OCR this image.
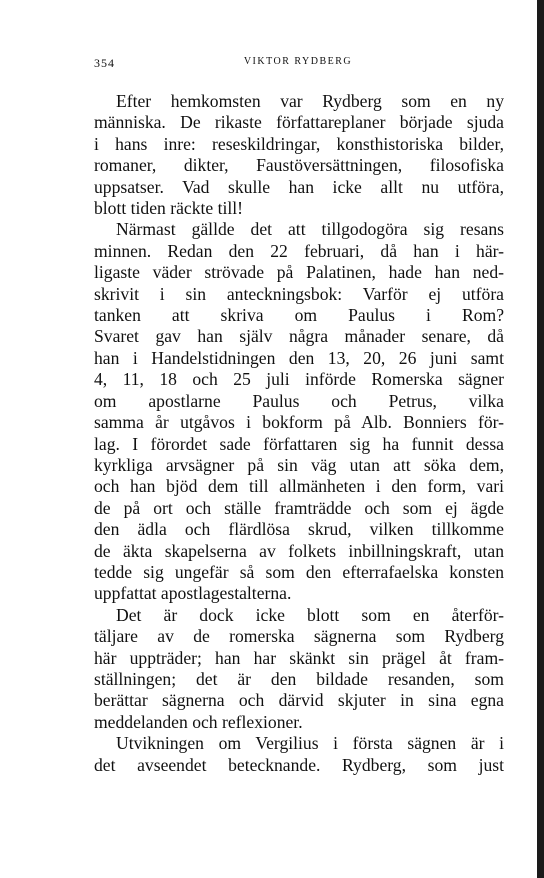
354	VIKTOR RYDBERG
Efter hemkomsten var Rydberg som en ny
människa. De rikaste författareplaner började sjuda
i hans inre: reseskildringar, konsthistoriska bilder,
romaner, dikter, Faustöversättningen, filosofiska
uppsatser. Vad skulle han icke allt nu utföra,
blott tiden räckte till!
Närmast gällde det att tillgodogöra sig resans
minnen. Redan den 22 februari, då han i här-
ligaste väder strövade på Palatinen, hade han ned-
skrivit i sin anteckningsbok: Varför ej utföra
tanken att skriva om Paulus i Rom?
Svaret gav han själv några månader senare, då
han i Handelstidningen den 13, 20, 26 juni samt
4, 11, 18 och 25 juli införde Romerska sägner
om apostlarne Paulus och Petrus, vilka
samma år utgåvos i bokform på Alb. Bonniers för-
lag. I förordet sade författaren sig ha funnit dessa
kyrkliga arvsägner på sin väg utan att söka dem,
och han bjöd dem till allmänheten i den form, vari
de på ort och ställe framträdde och som ej ägde
den ädla och flärdlösa skrud, vilken tillkomme
de äkta skapelserna av folkets inbillningskraft, utan
tedde sig ungefär så som den efterrafaelska konsten
uppfattat apostlagestalterna.
Det är dock icke blott som en återför-
täljare av de romerska sägnerna som Rydberg
här uppträder; han har skänkt sin prägel åt fram-
ställningen; det är den bildade resanden, som
berättar sägnerna och därvid skjuter in sina egna
meddelanden och reflexioner.
Utvikningen om Vergilius i första sägnen är i
det avseendet betecknande. Rydberg, som just
